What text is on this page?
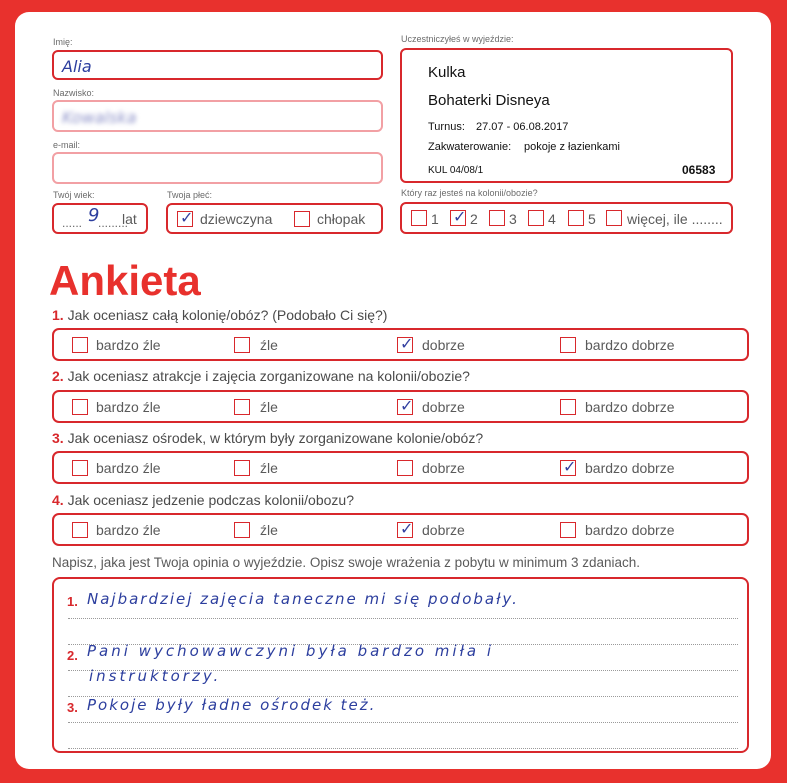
Imię:
Alia
Nazwisko:
Kowalska
e-mail:
Twój wiek:
...... 9
.........
lat
Twoja płeć:
✓ dziewczyna	chłopak
Uczestniczyłeś w wyjeździe:
Kulka
Bohaterki Disneya
Turnus: 27.07 - 06.08.2017
Zakwaterowanie: pokoje z łazienkami
KUL 04/08/1	06583
Który raz jesteś na kolonii/obozie?
1 ✓ 2 3 4 5 więcej, ile ........
Ankieta
1. Jak oceniasz całą kolonię/obóz? (Podobało Ci się?)
bardzo źle	źle	✓ dobrze	bardzo dobrze
2. Jak oceniasz atrakcje i zajęcia zorganizowane na kolonii/obozie?
bardzo źle	źle	✓ dobrze	bardzo dobrze
3. Jak oceniasz ośrodek, w którym były zorganizowane kolonie/obóz?
bardzo źle	źle	dobrze	✓ bardzo dobrze
4. Jak oceniasz jedzenie podczas kolonii/obozu?
bardzo źle	źle	✓ dobrze	bardzo dobrze
Napisz, jaka jest Twoja opinia o wyjeździe. Opisz swoje wrażenia z pobytu w minimum 3 zdaniach.
1. Najbardziej zajęcia taneczne mi się podobały.
2. Pani wychowawczyni była bardzo miła i
instruktorzy.
3. Pokoje były ładne ośrodek też.
